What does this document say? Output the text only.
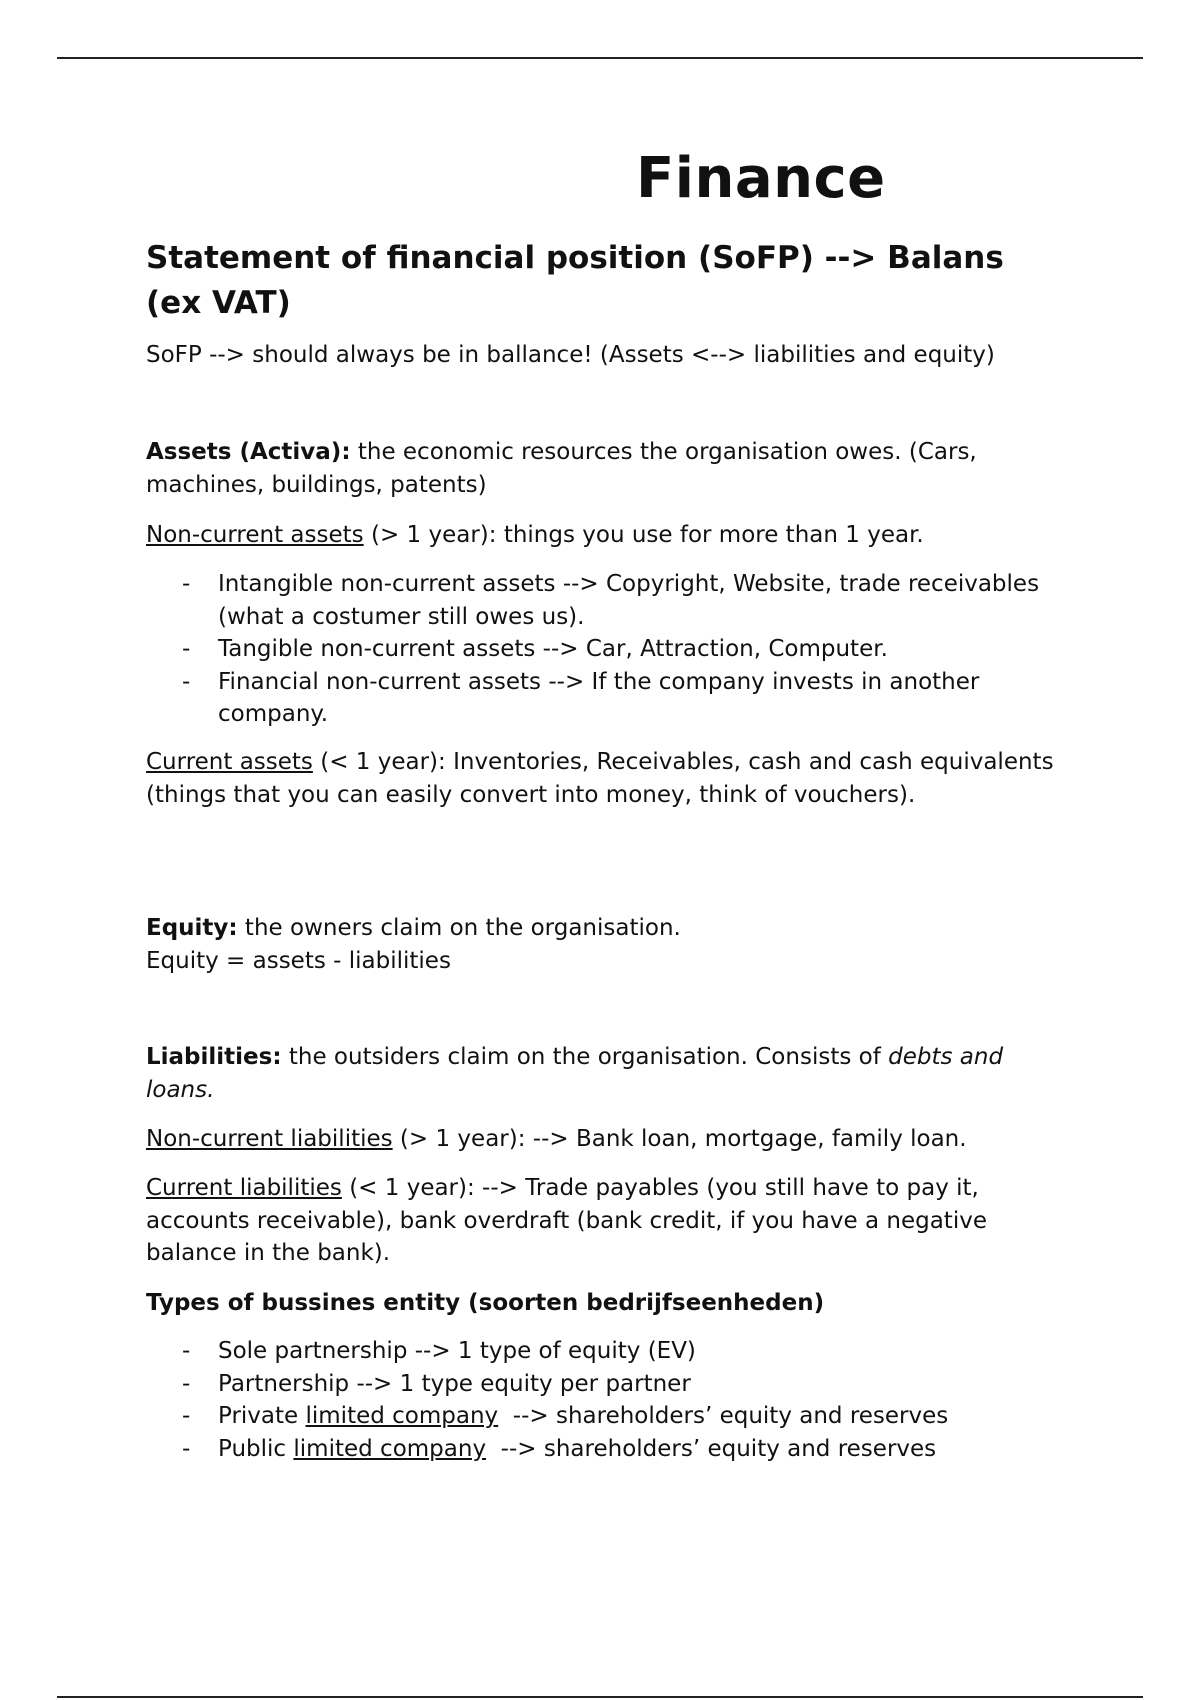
Finance
Statement of financial position (SoFP) --> Balans (ex VAT)

SoFP --> should always be in ballance! (Assets <--> liabilities and equity)

Assets (Activa): the economic resources the organisation owes. (Cars, machines, buildings, patents)

Non-current assets (> 1 year): things you use for more than 1 year.

- Intangible non-current assets --> Copyright, Website, trade receivables (what a costumer still owes us).
- Tangible non-current assets --> Car, Attraction, Computer.
- Financial non-current assets --> If the company invests in another company.

Current assets (< 1 year): Inventories, Receivables, cash and cash equivalents (things that you can easily convert into money, think of vouchers).

Equity: the owners claim on the organisation.
Equity = assets - liabilities

Liabilities: the outsiders claim on the organisation. Consists of debts and loans.

Non-current liabilities (> 1 year): --> Bank loan, mortgage, family loan.

Current liabilities (< 1 year): --> Trade payables (you still have to pay it, accounts receivable), bank overdraft (bank credit, if you have a negative balance in the bank).

Types of bussines entity (soorten bedrijfseenheden)

- Sole partnership --> 1 type of equity (EV)
- Partnership --> 1 type equity per partner
- Private limited company  --> shareholders’ equity and reserves
- Public limited company  --> shareholders’ equity and reserves
